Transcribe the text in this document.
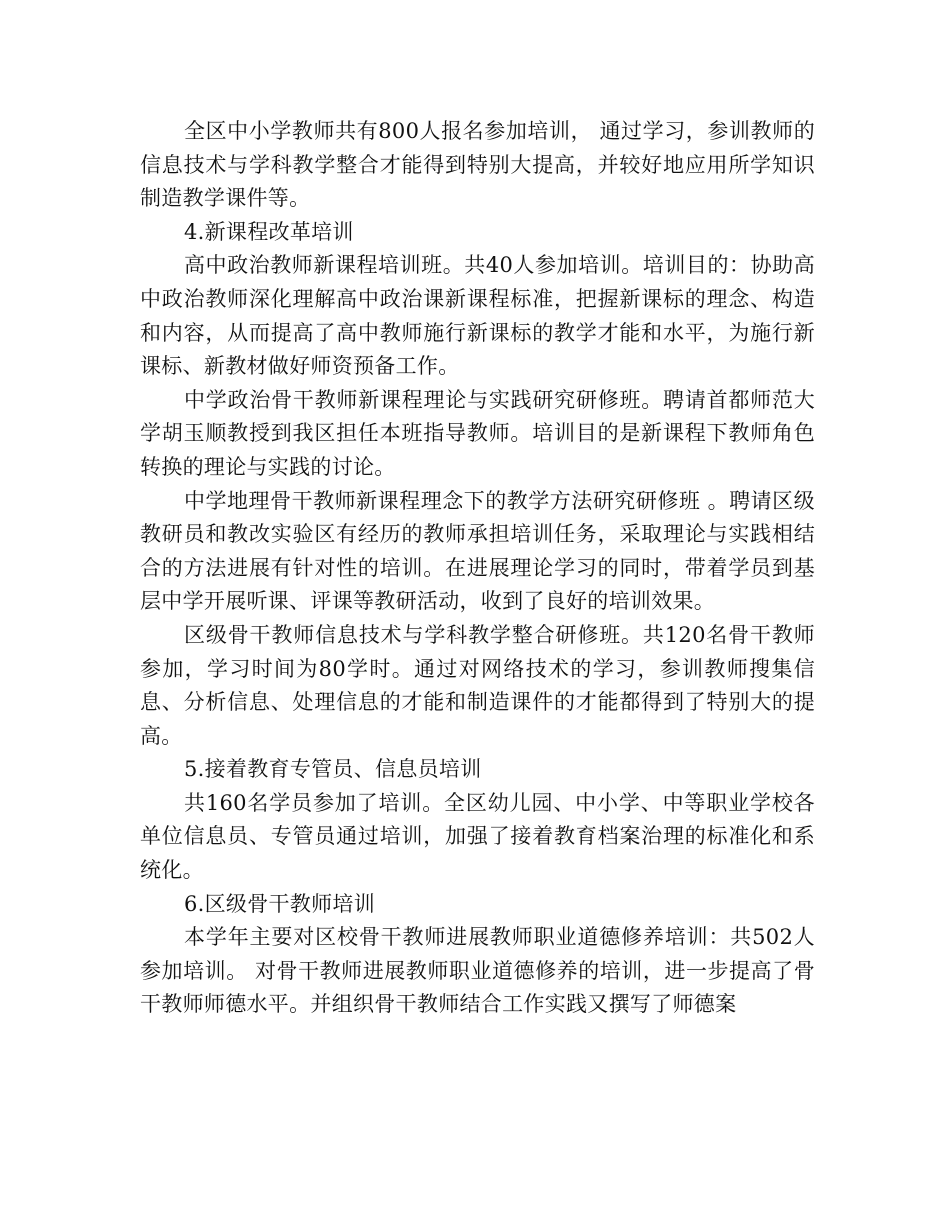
全区中小学教师共有800人报名参加培训， 通过学习，参训教师的信息技术与学科教学整合才能得到特别大提高，并较好地应用所学知识制造教学课件等。

4.新课程改革培训

高中政治教师新课程培训班。共40人参加培训。培训目的：协助高中政治教师深化理解高中政治课新课程标准，把握新课标的理念、构造和内容，从而提高了高中教师施行新课标的教学才能和水平，为施行新课标、新教材做好师资预备工作。

中学政治骨干教师新课程理论与实践研究研修班。聘请首都师范大学胡玉顺教授到我区担任本班指导教师。培训目的是新课程下教师角色转换的理论与实践的讨论。

中学地理骨干教师新课程理念下的教学方法研究研修班 。聘请区级教研员和教改实验区有经历的教师承担培训任务，采取理论与实践相结合的方法进展有针对性的培训。在进展理论学习的同时，带着学员到基层中学开展听课、评课等教研活动，收到了良好的培训效果。

区级骨干教师信息技术与学科教学整合研修班。共120名骨干教师参加，学习时间为80学时。通过对网络技术的学习，参训教师搜集信息、分析信息、处理信息的才能和制造课件的才能都得到了特别大的提高。

5.接着教育专管员、信息员培训

共160名学员参加了培训。全区幼儿园、中小学、中等职业学校各单位信息员、专管员通过培训，加强了接着教育档案治理的标准化和系统化。

6.区级骨干教师培训

本学年主要对区校骨干教师进展教师职业道德修养培训：共502人参加培训。 对骨干教师进展教师职业道德修养的培训，进一步提高了骨干教师师德水平。并组织骨干教师结合工作实践又撰写了师德案
